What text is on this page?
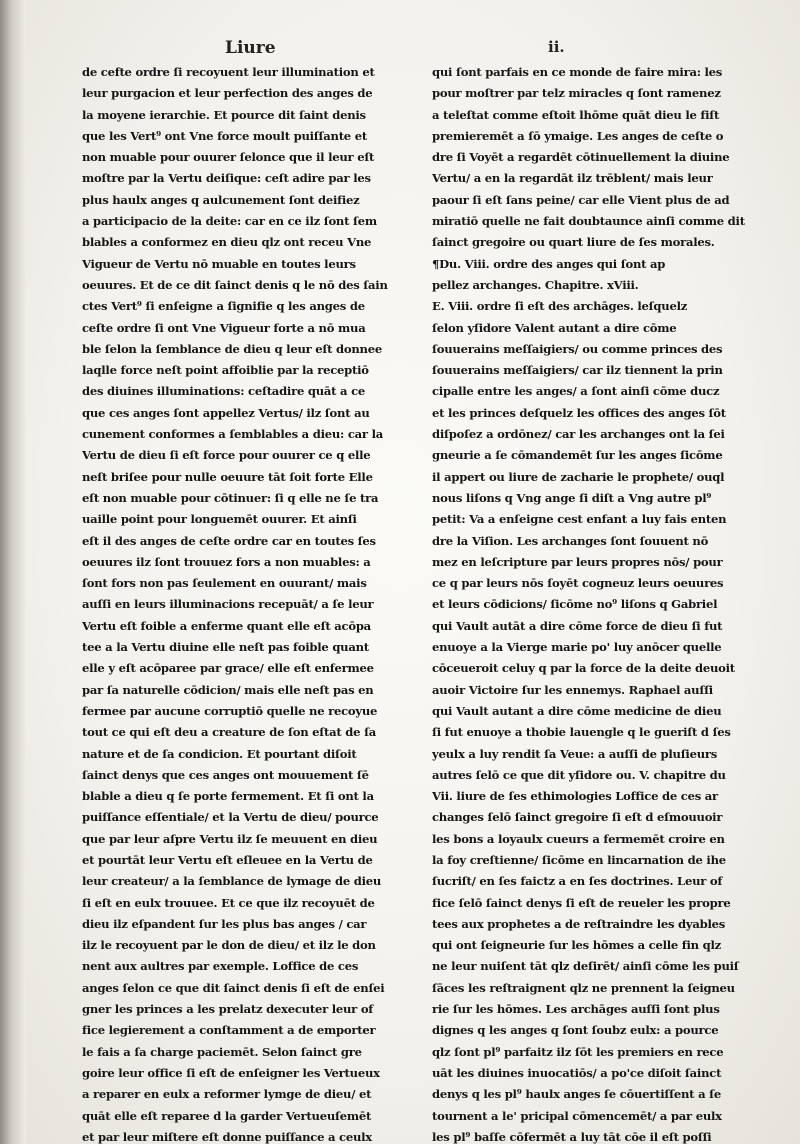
Liure	ii.
de cefte ordre ſi recoyuent leur illumination et
leur purgacion et leur perfection des anges de
la moyene ierarchie. Et pource dit ſaint denis
que les Vert⁹ ont Vne force moult puiſſante et
non muable pour ouurer ſelonce que il leur eſt
moſtre par la Vertu deiſique: ceſt adire par les
plus haulx anges q aulcunement ſont deifiez
a participacio de la deite: car en ce ilz ſont ſem
blables a conformez en dieu qlz ont receu Vne
Vigueur de Vertu nō muable en toutes leurs
oeuures. Et de ce dit ſainct denis q le nō des ſain
ctes Vert⁹ ſi enſeigne a ſignifie q les anges de
ceſte ordre ſi ont Vne Vigueur forte a nō mua
ble ſelon la ſemblance de dieu q leur eſt donnee
laqlle force neſt point affoiblie par la receptiō
des diuines illuminations: ceſtadire quāt a ce
que ces anges ſont appellez Vertus/ ilz ſont au
cunement conformes a ſemblables a dieu: car la
Vertu de dieu ſi eſt force pour ouurer ce q elle
neſt briſee pour nulle oeuure tāt ſoit forte Elle
eſt non muable pour cōtinuer: ſi q elle ne ſe tra
uaille point pour longuemēt ouurer. Et ainſi
eſt il des anges de ceſte ordre car en toutes ſes
oeuures ilz ſont trouuez fors a non muables: a
ſont fors non pas ſeulement en ouurant/ mais
auſſi en leurs illuminacions recepuāt/ a ſe leur
Vertu eſt foible a enferme quant elle eſt acōpa
tee a la Vertu diuine elle neſt pas foible quant
elle y eſt acōparee par grace/ elle eſt enfermee
par ſa naturelle cōdicion/ mais elle neſt pas en
fermee par aucune corruptiō quelle ne recoyue
tout ce qui eſt deu a creature de ſon eſtat de ſa
nature et de ſa condicion. Et pourtant diſoit
ſainct denys que ces anges ont mouuement ſē
blable a dieu q ſe porte fermement. Et ſi ont la
puiſſance eſſentiale/ et la Vertu de dieu/ pource
que par leur aſpre Vertu ilz ſe meuuent en dieu
et pourtāt leur Vertu eſt eſleuee en la Vertu de
leur createur/ a la ſemblance de lymage de dieu
ſi eſt en eulx trouuee. Et ce que ilz recoyuēt de
dieu ilz eſpandent ſur les plus bas anges / car
ilz le recoyuent par le don de dieu/ et ilz le don
nent aux aultres par exemple. Loffice de ces
anges ſelon ce que dit ſainct denis ſi eſt de enſei
gner les princes a les prelatz dexecuter leur of
fice legierement a conſtamment a de emporter
le fais a ſa charge paciemēt. Selon ſainct gre
goire leur office ſi eſt de enſeigner les Vertueux
a reparer en eulx a reformer lymge de dieu/ et
quāt elle eſt reparee d la garder Vertueuſemēt
et par leur miſtere eſt donne puiſſance a ceulx
qui ſont parfais en ce monde de faire mira: les
pour moſtrer par telz miracles q ſont ramenez
a teleſtat comme eſtoit lhōme quāt dieu le fiſt
premieremēt a ſō ymaige. Les anges de ceſte o
dre ſi Voyēt a regardēt cōtinuellement la diuine
Vertu/ a en la regardāt ilz trēblent/ mais leur
paour ſi eſt ſans peine/ car elle Vient plus de ad
miratiō quelle ne fait doubtaunce ainſi comme dit
ſainct gregoire ou quart liure de ſes morales.
¶Du. Viii. ordre des anges qui ſont ap
pellez archanges. Chapitre. xViii.
E. Viii. ordre ſi eſt des archāges. leſquelz
ſelon yſidore Valent autant a dire cōme
ſouuerains meſſaigiers/ ou comme princes des
ſouuerains meſſaigiers/ car ilz tiennent la prin
cipalle entre les anges/ a ſont ainſi cōme ducz
et les princes deſquelz les offices des anges ſōt
diſpoſez a ordōnez/ car les archanges ont la ſei
gneurie a ſe cōmandemēt ſur les anges ſicōme
il appert ou liure de zacharie le prophete/ ouql
nous liſons q Vng ange ſi diſt a Vng autre pl⁹
petit: Va a enſeigne cest enfant a luy fais enten
dre la Viſion. Les archanges ſont ſouuent nō
mez en leſcripture par leurs propres nōs/ pour
ce q par leurs nōs ſoyēt cogneuz leurs oeuures
et leurs cōdicions/ ſicōme no⁹ liſons q Gabriel
qui Vault autāt a dire cōme force de dieu ſi fut
enuoye a la Vierge marie po' luy anōcer quelle
cōceueroit celuy q par la force de la deite deuoit
auoir Victoire ſur les ennemys. Raphael auſſi
qui Vault autant a dire cōme medicine de dieu
ſi fut enuoye a thobie lauengle q le gueriſt d ſes
yeulx a luy rendit ſa Veue: a auſſi de pluſieurs
autres ſelō ce que dit yſidore ou. V. chapitre du
Vii. liure de ſes ethimologies Loffice de ces ar
changes ſelō ſainct gregoire ſi eſt d eſmouuoir
les bons a loyaulx cueurs a fermemēt croire en
la foy creſtienne/ ſicōme en lincarnation de ihe
ſucriſt/ en ſes faictz a en ſes doctrines. Leur of
fice ſelō ſainct denys ſi eſt de reueler les propre
tees aux prophetes a de reſtraindre les dyables
qui ont ſeigneurie ſur les hōmes a celle fin qlz
ne leur nuiſent tāt qlz deſirēt/ ainſi cōme les puiſ
ſāces les reſtraignent qlz ne prennent la ſeigneu
rie ſur les hōmes. Les archāges auſſi ſont plus
dignes q les anges q ſont ſoubz eulx: a pource
qlz ſont pl⁹ parfaitz ilz ſōt les premiers en rece
uāt les diuines inuocatiōs/ a po'ce diſoit ſainct
denys q les pl⁹ haulx anges ſe cōuertiſſent a ſe
tournent a le' pricipal cōmencemēt/ a par eulx
les pl⁹ baſſe cōfermēt a luy tāt cōe il eſt poſſi
